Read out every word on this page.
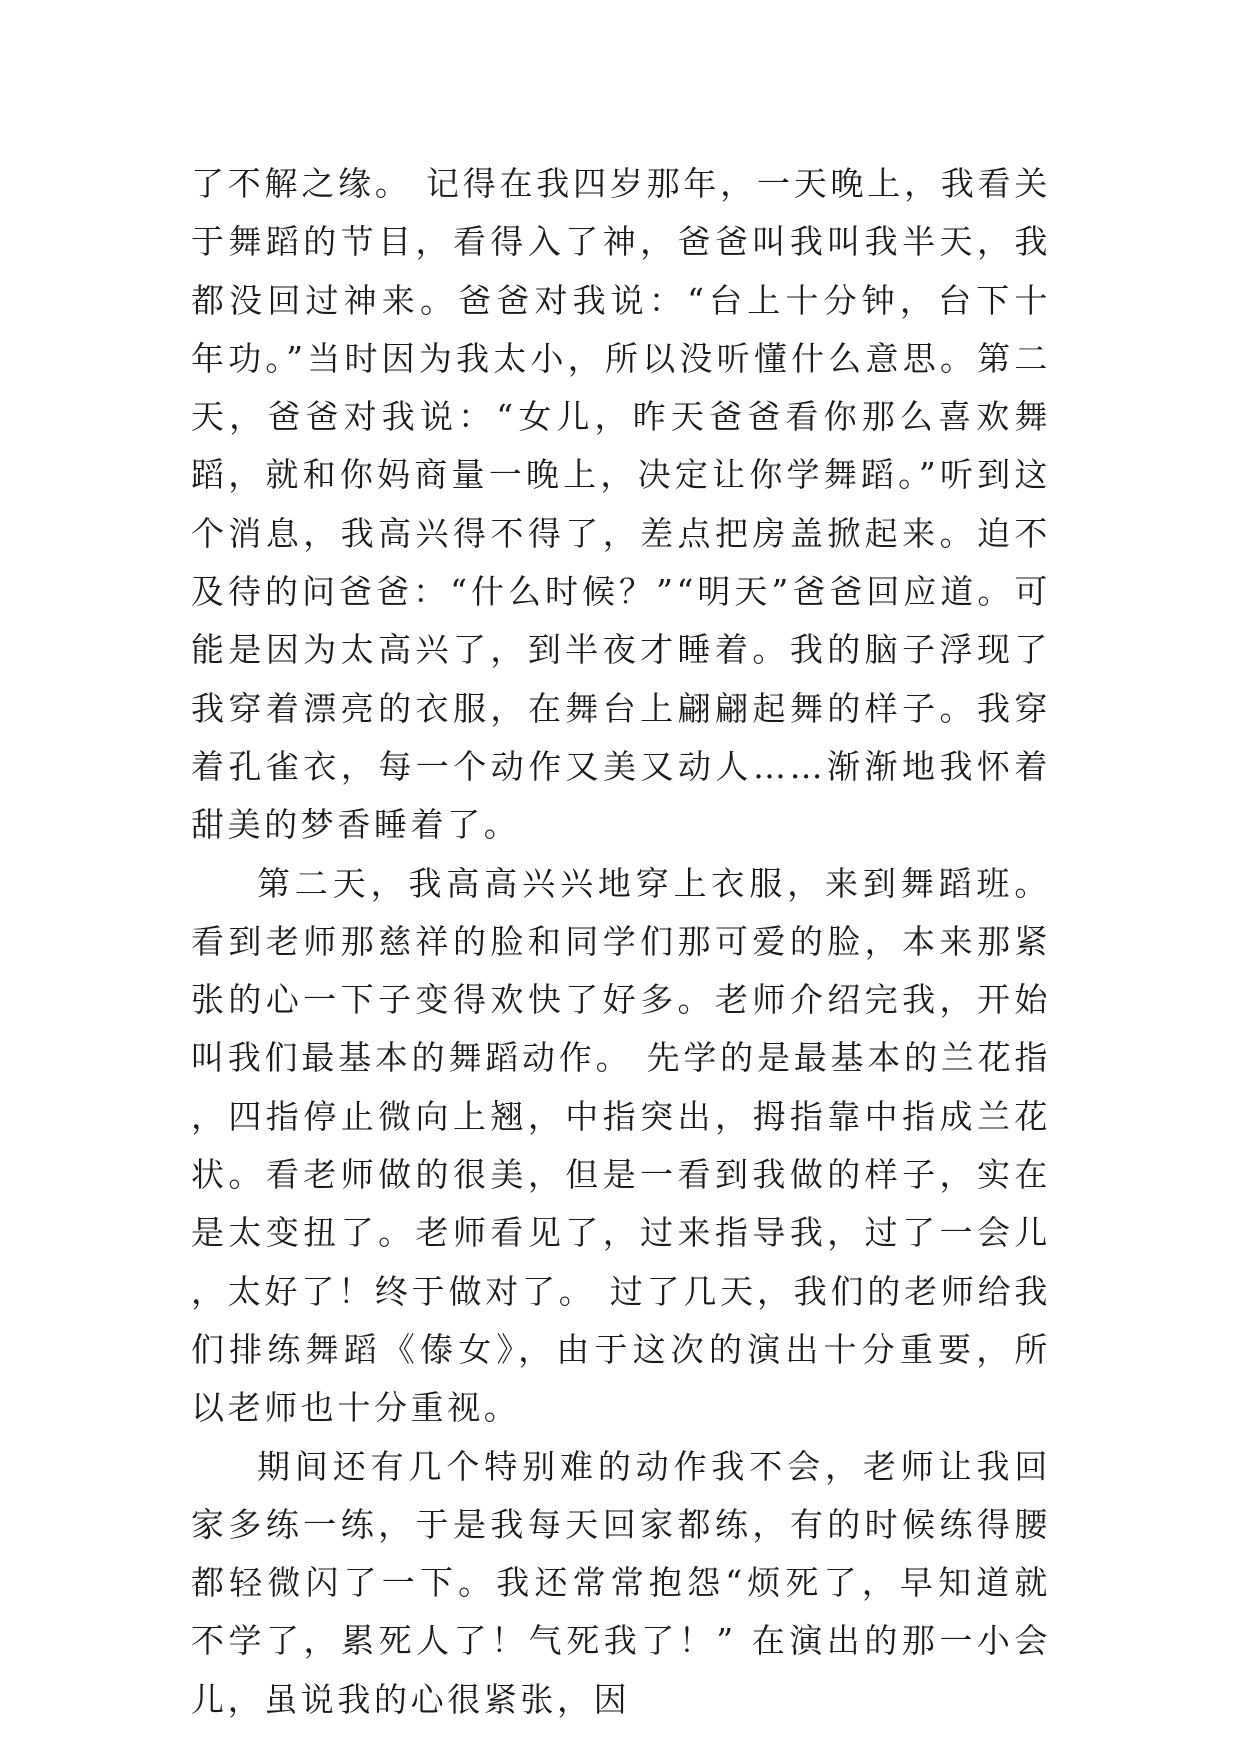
了不解之缘。 记得在我四岁那年，一天晚上，我看关于舞蹈的节目，看得入了神，爸爸叫我叫我半天，我都没回过神来。爸爸对我说：“台上十分钟，台下十年功。”当时因为我太小，所以没听懂什么意思。第二天，爸爸对我说：“女儿，昨天爸爸看你那么喜欢舞蹈，就和你妈商量一晚上，决定让你学舞蹈。”听到这个消息，我高兴得不得了，差点把房盖掀起来。迫不及待的问爸爸：“什么时候？”“明天”爸爸回应道。可能是因为太高兴了，到半夜才睡着。我的脑子浮现了我穿着漂亮的衣服，在舞台上翩翩起舞的样子。我穿着孔雀衣，每一个动作又美又动人……渐渐地我怀着甜美的梦香睡着了。

第二天，我高高兴兴地穿上衣服，来到舞蹈班。看到老师那慈祥的脸和同学们那可爱的脸，本来那紧张的心一下子变得欢快了好多。老师介绍完我，开始叫我们最基本的舞蹈动作。 先学的是最基本的兰花指，四指停止微向上翘，中指突出，拇指靠中指成兰花状。看老师做的很美，但是一看到我做的样子，实在是太变扭了。老师看见了，过来指导我，过了一会儿，太好了！终于做对了。 过了几天，我们的老师给我们排练舞蹈《傣女》，由于这次的演出十分重要，所以老师也十分重视。

期间还有几个特别难的动作我不会，老师让我回家多练一练，于是我每天回家都练，有的时候练得腰都轻微闪了一下。我还常常抱怨“烦死了，早知道就不学了，累死人了！气死我了！” 在演出的那一小会儿，虽说我的心很紧张，因
